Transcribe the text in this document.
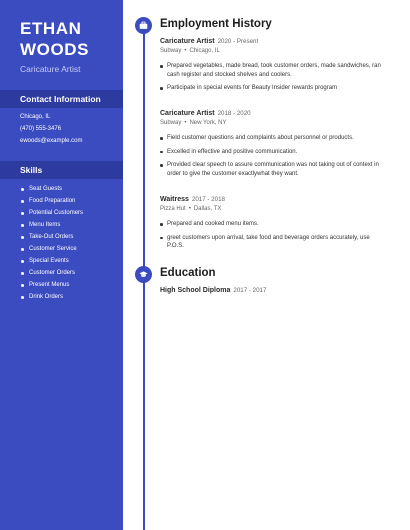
ETHAN
WOODS
Caricature Artist
Contact Information
Chicago, IL
(470) 555-3476
ewoods@example.com
Skills
Seat Guests
Food Preparation
Potential Customers
Menu Items
Take-Out Orders
Customer Service
Special Events
Customer Orders
Present Menus
Drink Orders
Employment History
Caricature Artist 2020 - Present
Subway • Chicago, IL
Prepared vegetables, made bread, took customer orders, made sandwiches, ran cash register and stocked shelves and coolers.
Participate in special events for Beauty Insider rewards program
Caricature Artist 2018 - 2020
Subway • New York, NY
Field customer questions and complaints about personnel or products.
Excelled in effective and positive communication.
Provided clear speech to assure communication was not taking out of context in order to give the customer exactlywhat they want.
Waitress 2017 - 2018
Pizza Hut • Dallas, TX
Prepared and cooked menu items.
greet customers upon arrival, take food and beverage orders accurately, use P.O.S.
Education
High School Diploma 2017 - 2017
